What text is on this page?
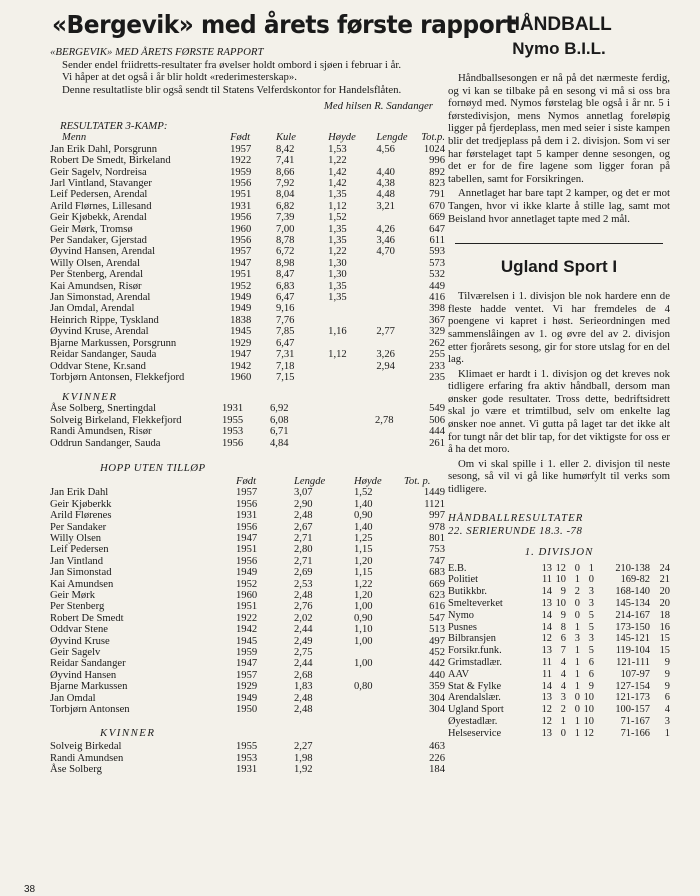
«Bergevik» med årets første rapport

«BERGEVIK» MED ÅRETS FØRSTE RAPPORT

Sender endel friidretts-resultater fra øvelser holdt ombord i sjøen i februar i år.

Vi håper at det også i år blir holdt «rederimesterskap».

Denne resultatliste blir også sendt til Statens Velferdskontor for Handelsflåten.

Med hilsen R. Sandanger
RESULTATER 3-KAMP:
Menn	Født	Kule	Høyde	Lengde	Tot.p.
Jan Erik Dahl, Porsgrunn	1957	8,42	1,53	4,56	1024
Robert De Smedt, Birkeland	1922	7,41	1,22		996
Geir Sagelv, Nordreisa	1959	8,66	1,42	4,40	892
Jarl Vintland, Stavanger	1956	7,92	1,42	4,38	823
Leif Pedersen, Arendal	1951	8,04	1,35	4,48	791
Arild Flørnes, Lillesand	1931	6,82	1,12	3,21	670
Geir Kjøbekk, Arendal	1956	7,39	1,52		669
Geir Mørk, Tromsø	1960	7,00	1,35	4,26	647
Per Sandaker, Gjerstad	1956	8,78	1,35	3,46	611
Øyvind Hansen, Arendal	1957	6,72	1,22	4,70	593
Willy Olsen, Arendal	1947	8,98	1,30		573
Per Stenberg, Arendal	1951	8,47	1,30		532
Kai Amundsen, Risør	1952	6,83	1,35		449
Jan Simonstad, Arendal	1949	6,47	1,35		416
Jan Omdal, Arendal	1949	9,16			398
Heinrich Rippe, Tyskland	1838	7,76			367
Øyvind Kruse, Arendal	1945	7,85	1,16	2,77	329
Bjarne Markussen, Porsgrunn	1929	6,47			262
Reidar Sandanger, Sauda	1947	7,31	1,12	3,26	255
Oddvar Stene, Kr.sand	1942	7,18		2,94	233
Torbjørn Antonsen, Flekkefjord	1960	7,15			235
KVINNER
Åse Solberg, Snertingdal	1931	6,92			549
Solveig Birkeland, Flekkefjord	1955	6,08		2,78	506
Randi Amundsen, Risør	1953	6,71			444
Oddrun Sandanger, Sauda	1956	4,84			261
HOPP UTEN TILLØP
	Født	Lengde	Høyde	Tot. p.
Jan Erik Dahl	1957	3,07	1,52	1449
Geir Kjøberkk	1956	2,90	1,40	1121
Arild Flørenes	1931	2,48	0,90	997
Per Sandaker	1956	2,67	1,40	978
Willy Olsen	1947	2,71	1,25	801
Leif Pedersen	1951	2,80	1,15	753
Jan Vintland	1956	2,71	1,20	747
Jan Simonstad	1949	2,69	1,15	683
Kai Amundsen	1952	2,53	1,22	669
Geir Mørk	1960	2,48	1,20	623
Per Stenberg	1951	2,76	1,00	616
Robert De Smedt	1922	2,02	0,90	547
Oddvar Stene	1942	2,44	1,10	513
Øyvind Kruse	1945	2,49	1,00	497
Geir Sagelv	1959	2,75		452
Reidar Sandanger	1947	2,44	1,00	442
Øyvind Hansen	1957	2,68		440
Bjarne Markussen	1929	1,83	0,80	359
Jan Omdal	1949	2,48		304
Torbjørn Antonsen	1950	2,48		304
KVINNER
Solveig Birkedal	1955	2,27		463
Randi Amundsen	1953	1,98		226
Åse Solberg	1931	1,92		184
HÅNDBALL
Nymo B.I.L.

Håndballsesongen er nå på det nærmeste ferdig, og vi kan se tilbake på en sesong vi må si oss bra fornøyd med. Nymos førstelag ble også i år nr. 5 i førstedivisjon, mens Nymos annetlag foreløpig ligger på fjerdeplass, men med seier i siste kampen blir det tredjeplass på dem i 2. divisjon. Som vi ser har førstelaget tapt 5 kamper denne sesongen, og det er for de fire lagene som ligger foran på tabellen, samt for Forsikringen.

Annetlaget har bare tapt 2 kamper, og det er mot Tangen, hvor vi ikke klarte å stille lag, samt mot Beisland hvor annetlaget tapte med 2 mål.

Ugland Sport I

Tilværelsen i 1. divisjon ble nok hardere enn de fleste hadde ventet. Vi har fremdeles de 4 poengene vi kapret i høst. Serieordningen med sammenslåingen av 1. og øvre del av 2. divisjon etter fjorårets sesong, gir for store utslag for en del lag.

Klimaet er hardt i 1. divisjon og det kreves nok tidligere erfaring fra aktiv håndball, dersom man ønsker gode resultater. Tross dette, bedriftsidrett skal jo være et trimtilbud, selv om enkelte lag ønsker noe annet. Vi gutta på laget tar det ikke alt for tungt når det blir tap, for det viktigste for oss er å ha det moro.

Om vi skal spille i 1. eller 2. divisjon til neste sesong, så vil vi gå like humørfylt til verks som tidligere.

HÅNDBALLRESULTATER
22. SERIERUNDE 18.3. -78
1. DIVISJON
E.B.	13	12	0	1	210-138	24
Politiet	11	10	1	0	169-82	21
Butikkbr.	14	9	2	3	168-140	20
Smelteverket	13	10	0	3	145-134	20
Nymo	14	9	0	5	214-167	18
Pusnes	14	8	1	5	173-150	16
Bilbransjen	12	6	3	3	145-121	15
Forsikr.funk.	13	7	1	5	119-104	15
Grimstadlær.	11	4	1	6	121-111	9
AAV	11	4	1	6	107-97	9
Stat & Fylke	14	4	1	9	127-154	9
Arendalslær.	13	3	0	10	121-173	6
Ugland Sport	12	2	0	10	100-157	4
Øyestadlær.	12	1	1	10	71-167	3
Helseservice	13	0	1	12	71-166	1
38
